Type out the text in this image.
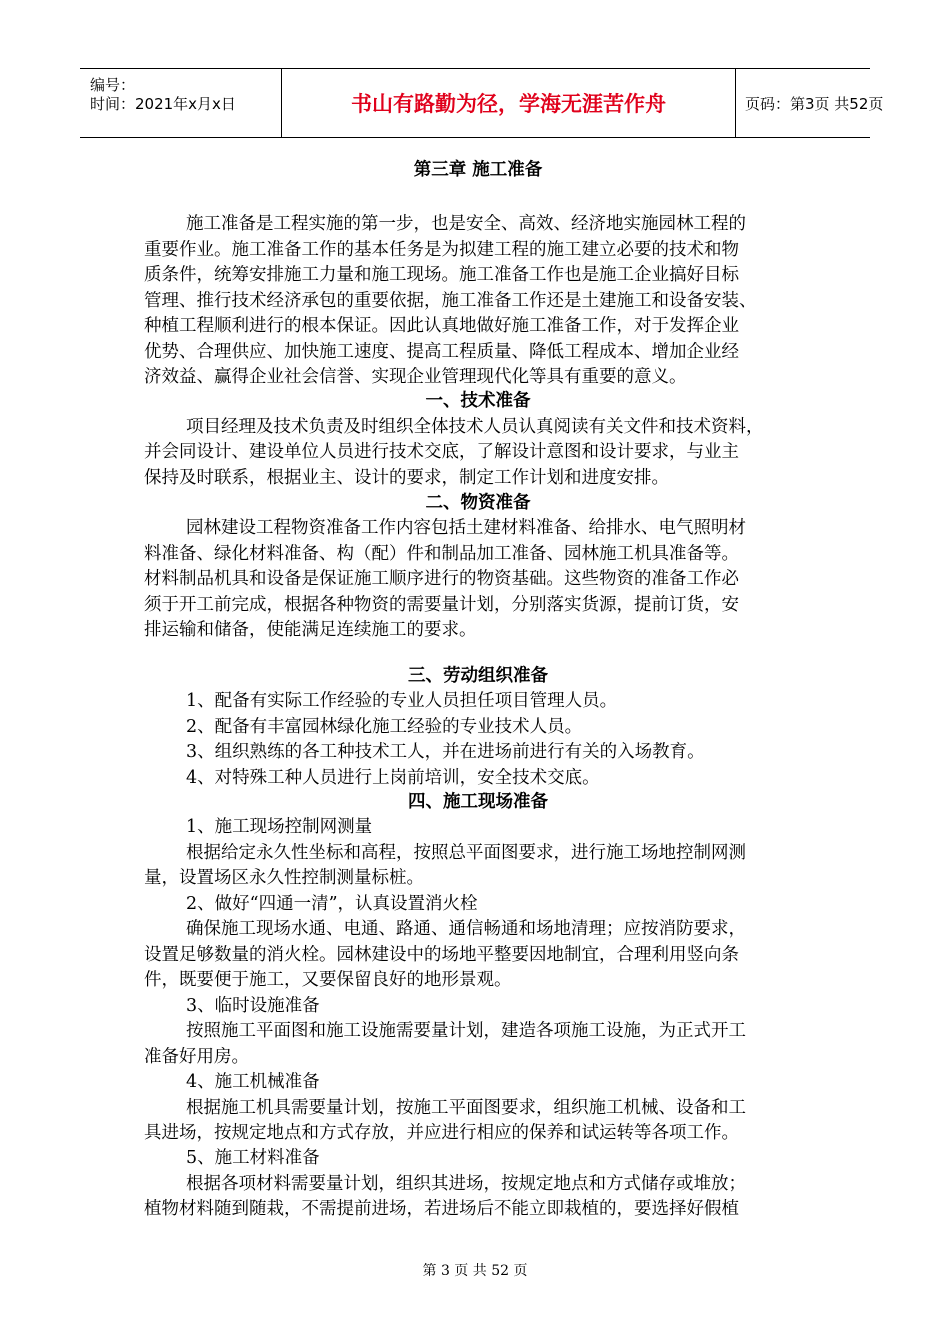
编号：
时间：2021年x月x日	书山有路勤为径，学海无涯苦作舟	页码：第3页 共52页
第三章 施工准备
施工准备是工程实施的第一步，也是安全、高效、经济地实施园林工程的
重要作业。施工准备工作的基本任务是为拟建工程的施工建立必要的技术和物
质条件，统筹安排施工力量和施工现场。施工准备工作也是施工企业搞好目标
管理、推行技术经济承包的重要依据，施工准备工作还是土建施工和设备安装、
种植工程顺利进行的根本保证。因此认真地做好施工准备工作，对于发挥企业
优势、合理供应、加快施工速度、提高工程质量、降低工程成本、增加企业经
济效益、赢得企业社会信誉、实现企业管理现代化等具有重要的意义。
一、技术准备
项目经理及技术负责及时组织全体技术人员认真阅读有关文件和技术资料，
并会同设计、建设单位人员进行技术交底，了解设计意图和设计要求，与业主
保持及时联系，根据业主、设计的要求，制定工作计划和进度安排。
二、物资准备
园林建设工程物资准备工作内容包括土建材料准备、给排水、电气照明材
料准备、绿化材料准备、构（配）件和制品加工准备、园林施工机具准备等。
材料制品机具和设备是保证施工顺序进行的物资基础。这些物资的准备工作必
须于开工前完成，根据各种物资的需要量计划，分别落实货源，提前订货，安
排运输和储备，使能满足连续施工的要求。
三、劳动组织准备
1、配备有实际工作经验的专业人员担任项目管理人员。
2、配备有丰富园林绿化施工经验的专业技术人员。
3、组织熟练的各工种技术工人，并在进场前进行有关的入场教育。
4、对特殊工种人员进行上岗前培训，安全技术交底。
四、施工现场准备
1、施工现场控制网测量
根据给定永久性坐标和高程，按照总平面图要求，进行施工场地控制网测
量，设置场区永久性控制测量标桩。
2、做好“四通一清”，认真设置消火栓
确保施工现场水通、电通、路通、通信畅通和场地清理；应按消防要求，
设置足够数量的消火栓。园林建设中的场地平整要因地制宜，合理利用竖向条
件，既要便于施工，又要保留良好的地形景观。
3、临时设施准备
按照施工平面图和施工设施需要量计划，建造各项施工设施，为正式开工
准备好用房。
4、施工机械准备
根据施工机具需要量计划，按施工平面图要求，组织施工机械、设备和工
具进场，按规定地点和方式存放，并应进行相应的保养和试运转等各项工作。
5、施工材料准备
根据各项材料需要量计划，组织其进场，按规定地点和方式储存或堆放；
植物材料随到随栽，不需提前进场，若进场后不能立即栽植的，要选择好假植
第 3 页 共 52 页
